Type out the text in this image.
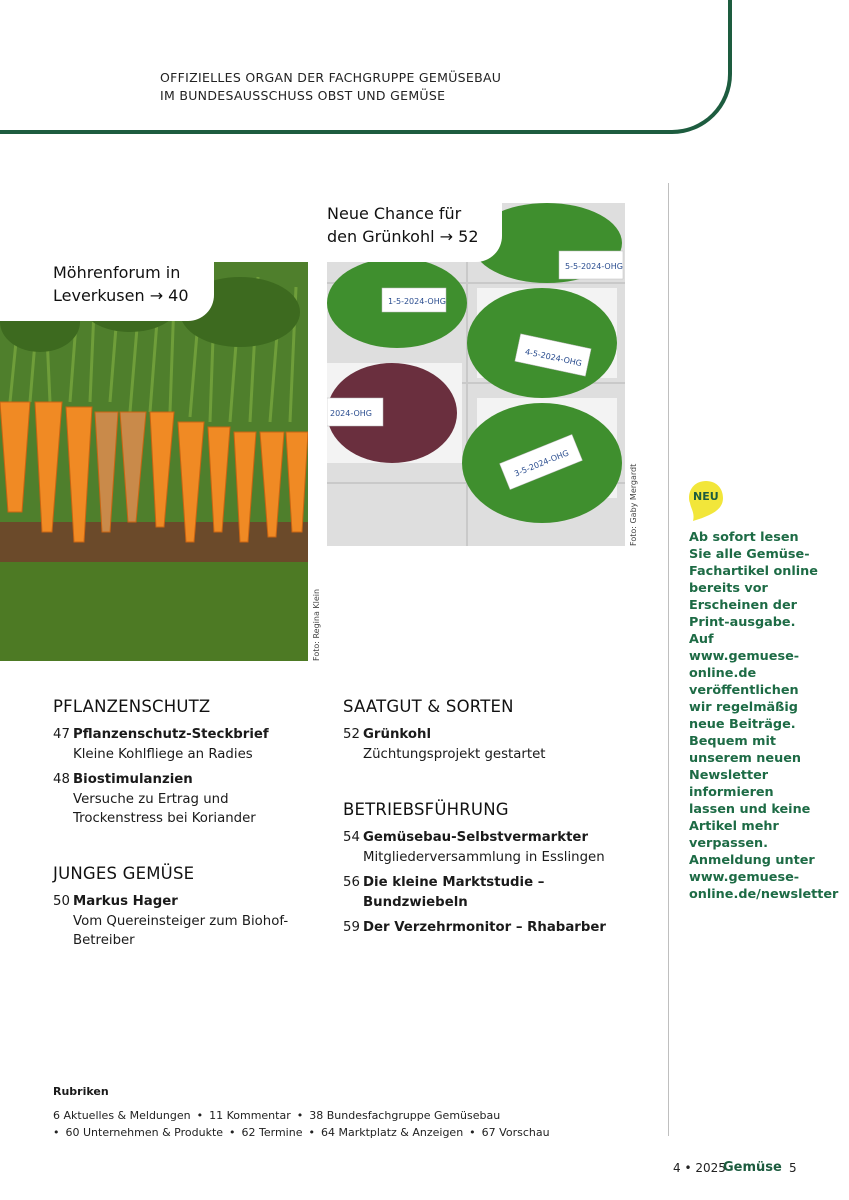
OFFIZIELLES ORGAN DER FACHGRUPPE GEMÜSEBAU
IM BUNDESAUSSCHUSS OBST UND GEMÜSE
Möhrenforum in
Leverkusen → 40
Foto: Regina Klein
5-5-2024-OHG
1-5-2024-OHG
4-5-2024-OHG
2024-OHG
3-5-2024-OHG
Neue Chance für
den Grünkohl → 52
Foto: Gaby Mergardt
PFLANZENSCHUTZ
47 Pflanzenschutz-Steckbrief
Kleine Kohlfliege an Radies
48 Biostimulanzien
Versuche zu Ertrag und Trockenstress bei Koriander
JUNGES GEMÜSE
50 Markus Hager
Vom Quereinsteiger zum Biohof-Betreiber
SAATGUT & SORTEN
52 Grünkohl
Züchtungsprojekt gestartet
BETRIEBSFÜHRUNG
54 Gemüsebau-Selbstvermarkter
Mitgliederversammlung in Esslingen
56 Die kleine Marktstudie – Bundzwiebeln
59 Der Verzehrmonitor – Rhabarber
NEU
Ab sofort lesen Sie alle Gemüse-Fachartikel online bereits vor Erscheinen der Print-ausgabe. Auf www.gemuese-online.de veröffentlichen wir regelmäßig neue Beiträge. Bequem mit unserem neuen Newsletter informieren lassen und keine Artikel mehr verpassen. Anmeldung unter www.gemuese-online.de/newsletter
Rubriken
6 Aktuelles & Meldungen • 11 Kommentar • 38 Bundesfachgruppe Gemüsebau
• 60 Unternehmen & Produkte • 62 Termine • 64 Marktplatz & Anzeigen • 67 Vorschau
4 • 2025
Gemüse 5
